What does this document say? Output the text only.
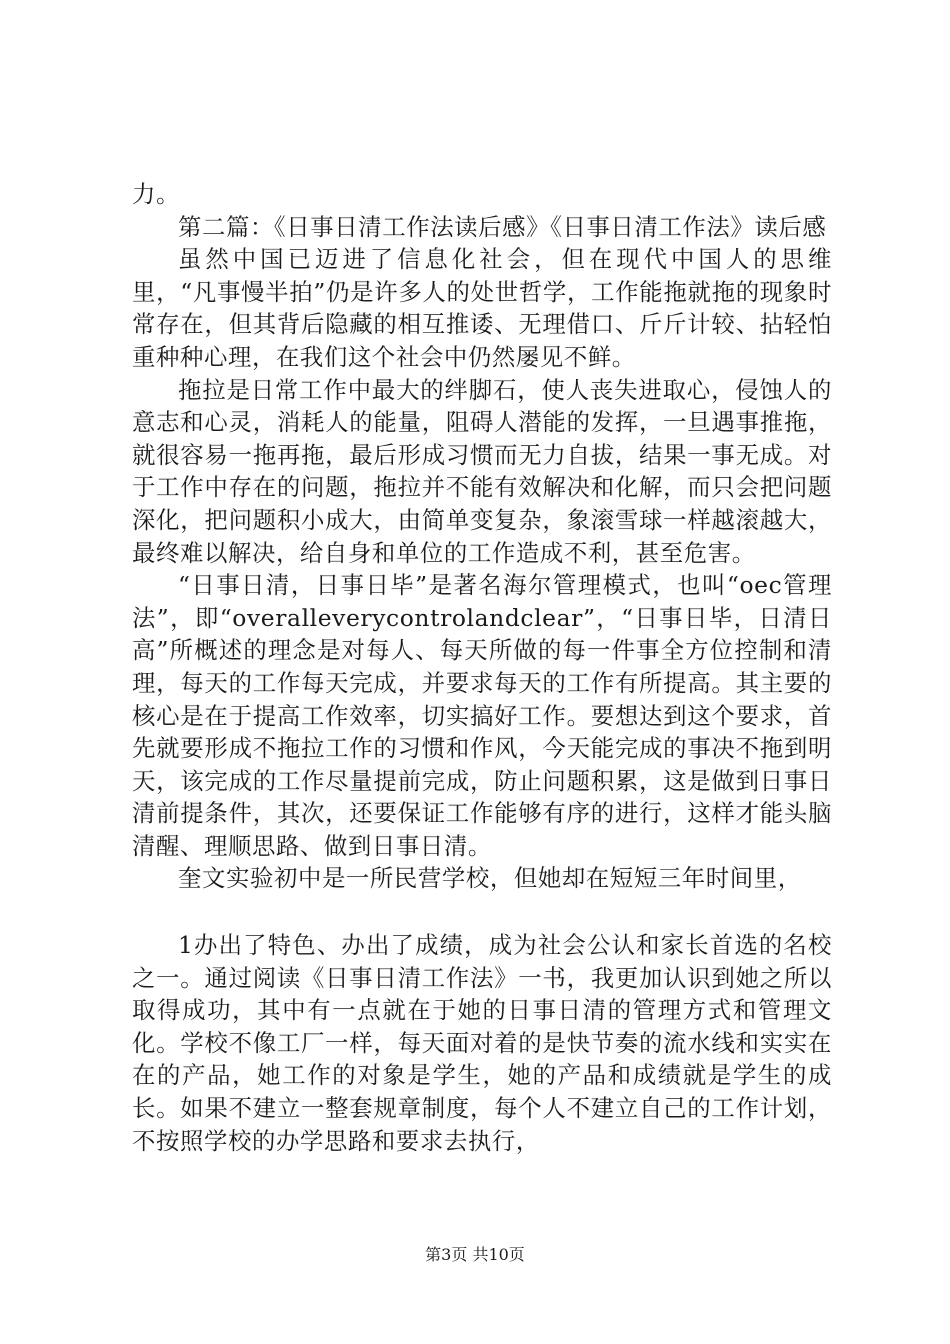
力。

第二篇：《日事日清工作法读后感》《日事日清工作法》读后感

虽然中国已迈进了信息化社会，但在现代中国人的思维里，“凡事慢半拍”仍是许多人的处世哲学，工作能拖就拖的现象时常存在，但其背后隐藏的相互推诿、无理借口、斤斤计较、拈轻怕重种种心理，在我们这个社会中仍然屡见不鲜。

拖拉是日常工作中最大的绊脚石，使人丧失进取心，侵蚀人的意志和心灵，消耗人的能量，阻碍人潜能的发挥，一旦遇事推拖，就很容易一拖再拖，最后形成习惯而无力自拔，结果一事无成。对于工作中存在的问题，拖拉并不能有效解决和化解，而只会把问题深化，把问题积小成大，由简单变复杂，象滚雪球一样越滚越大，最终难以解决，给自身和单位的工作造成不利，甚至危害。

“日事日清，日事日毕”是著名海尔管理模式，也叫“oec管理法”，即“overalleverycontrolandclear”，“日事日毕，日清日高”所概述的理念是对每人、每天所做的每一件事全方位控制和清理，每天的工作每天完成，并要求每天的工作有所提高。其主要的核心是在于提高工作效率，切实搞好工作。要想达到这个要求，首先就要形成不拖拉工作的习惯和作风，今天能完成的事决不拖到明天，该完成的工作尽量提前完成，防止问题积累，这是做到日事日清前提条件，其次，还要保证工作能够有序的进行，这样才能头脑清醒、理顺思路、做到日事日清。

奎文实验初中是一所民营学校，但她却在短短三年时间里，

1办出了特色、办出了成绩，成为社会公认和家长首选的名校之一。通过阅读《日事日清工作法》一书，我更加认识到她之所以取得成功，其中有一点就在于她的日事日清的管理方式和管理文化。学校不像工厂一样，每天面对着的是快节奏的流水线和实实在在的产品，她工作的对象是学生，她的产品和成绩就是学生的成长。如果不建立一整套规章制度，每个人不建立自己的工作计划，不按照学校的办学思路和要求去执行，

第3页 共10页
